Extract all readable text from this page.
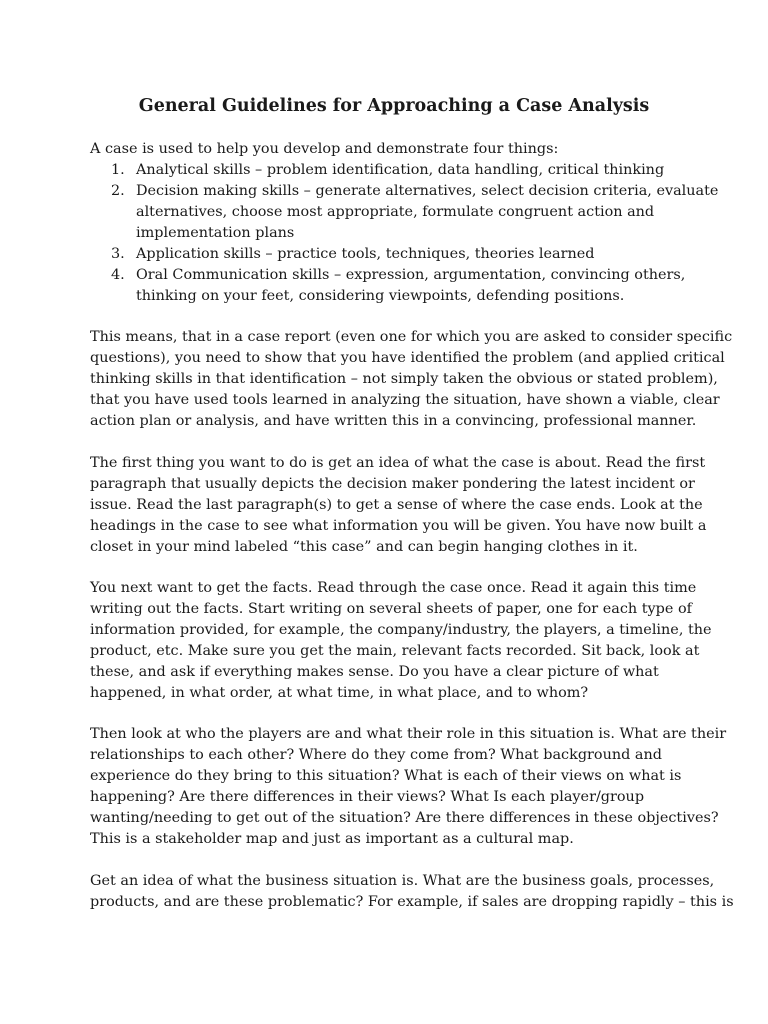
General Guidelines for Approaching a Case Analysis
A case is used to help you develop and demonstrate four things:
1. Analytical skills – problem identification, data handling, critical thinking
2. Decision making skills – generate alternatives, select decision criteria, evaluate
alternatives, choose most appropriate, formulate congruent action and
implementation plans
3. Application skills – practice tools, techniques, theories learned
4. Oral Communication skills – expression, argumentation, convincing others,
thinking on your feet, considering viewpoints, defending positions.
This means, that in a case report (even one for which you are asked to consider specific
questions), you need to show that you have identified the problem (and applied critical
thinking skills in that identification – not simply taken the obvious or stated problem),
that you have used tools learned in analyzing the situation, have shown a viable, clear
action plan or analysis, and have written this in a convincing, professional manner.
The first thing you want to do is get an idea of what the case is about. Read the first
paragraph that usually depicts the decision maker pondering the latest incident or
issue. Read the last paragraph(s) to get a sense of where the case ends. Look at the
headings in the case to see what information you will be given. You have now built a
closet in your mind labeled “this case” and can begin hanging clothes in it.
You next want to get the facts. Read through the case once. Read it again this time
writing out the facts. Start writing on several sheets of paper, one for each type of
information provided, for example, the company/industry, the players, a timeline, the
product, etc. Make sure you get the main, relevant facts recorded. Sit back, look at
these, and ask if everything makes sense. Do you have a clear picture of what
happened, in what order, at what time, in what place, and to whom?
Then look at who the players are and what their role in this situation is. What are their
relationships to each other? Where do they come from? What background and
experience do they bring to this situation? What is each of their views on what is
happening? Are there differences in their views? What Is each player/group
wanting/needing to get out of the situation? Are there differences in these objectives?
This is a stakeholder map and just as important as a cultural map.
Get an idea of what the business situation is. What are the business goals, processes,
products, and are these problematic? For example, if sales are dropping rapidly – this is
